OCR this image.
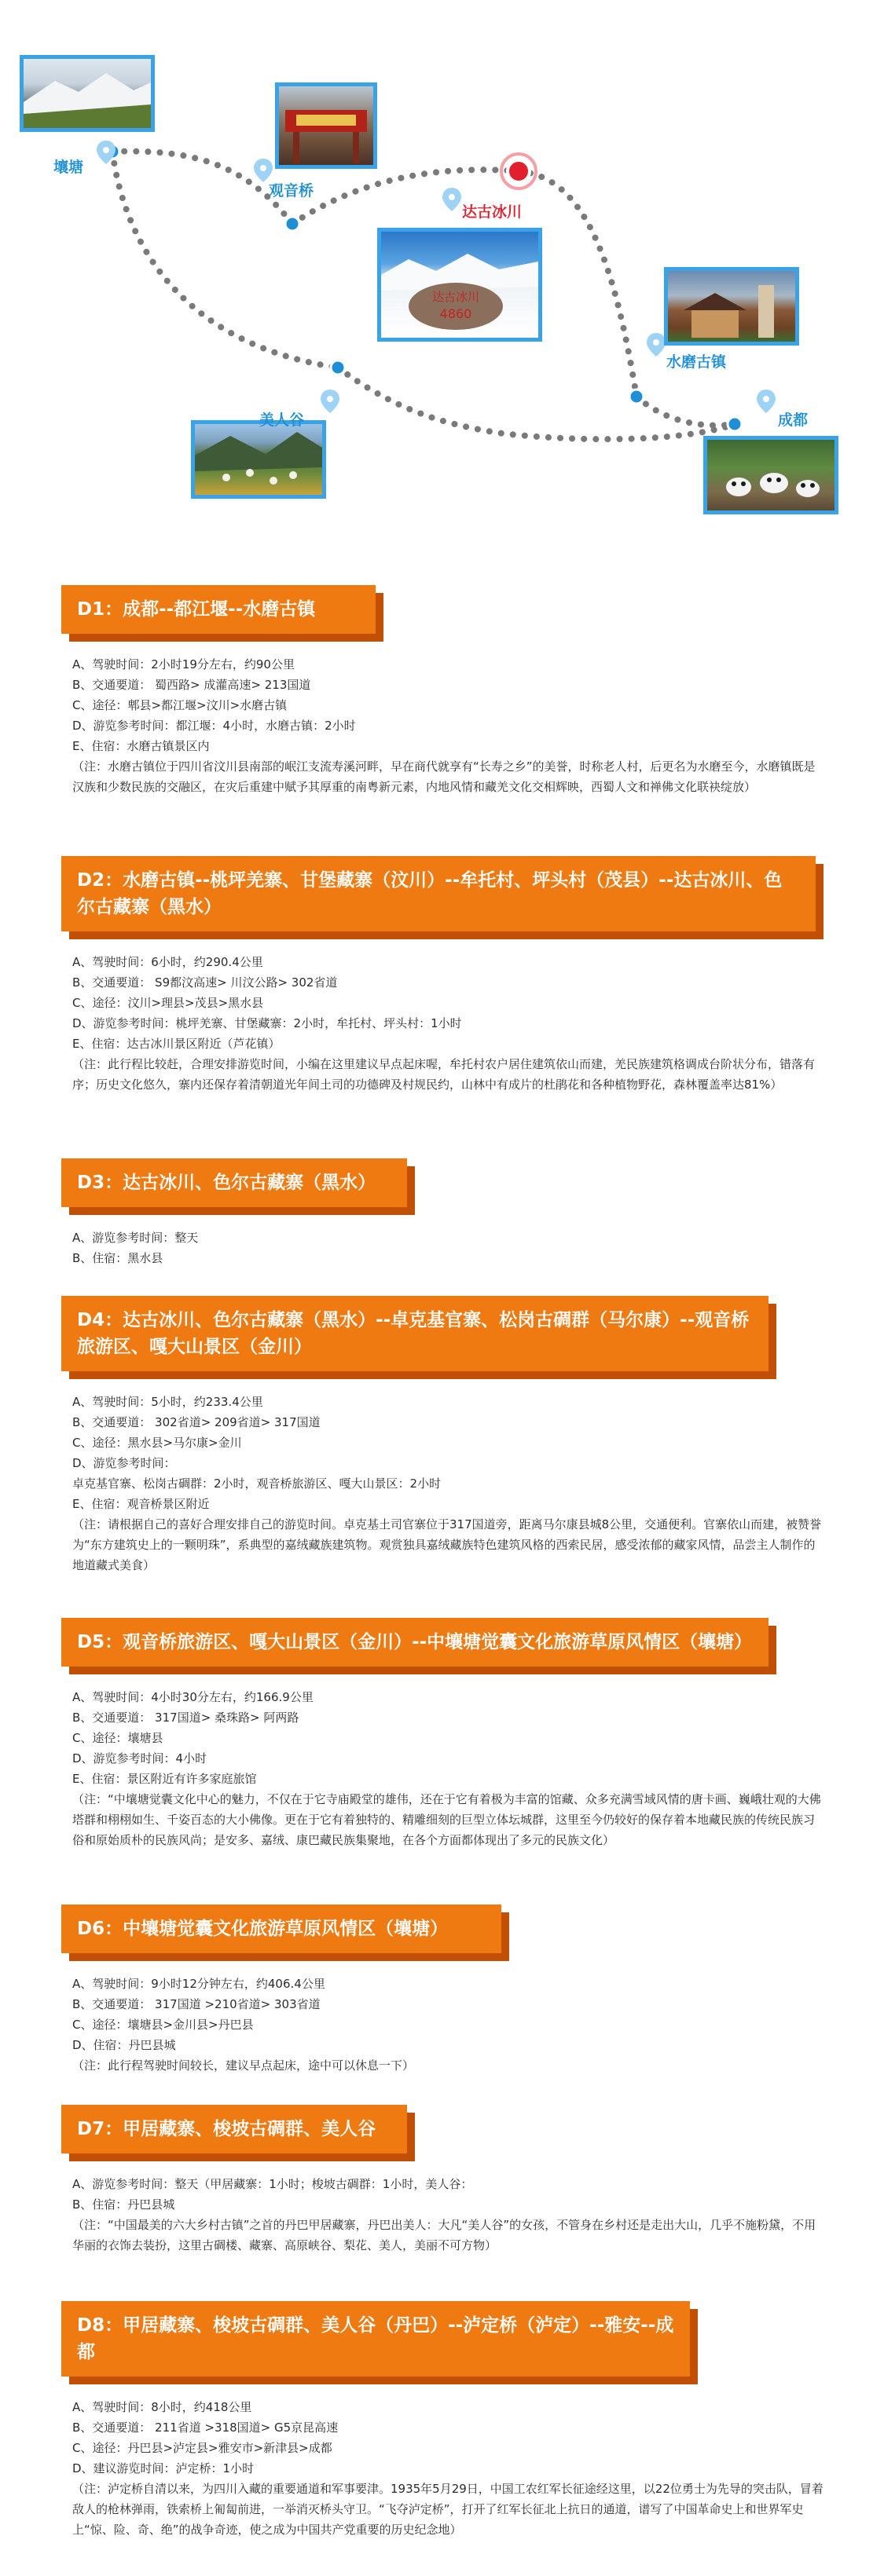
达古冰川
4860
壤塘
观音桥
达古冰川
水磨古镇
美人谷	成都
D1：成都--都江堰--水磨古镇
A、驾驶时间：2小时19分左右，约90公里
B、交通要道： 蜀西路> 成灌高速> 213国道
C、途径：郫县>都江堰>汶川>水磨古镇
D、游览参考时间：都江堰：4小时，水磨古镇：2小时
E、住宿：水磨古镇景区内
（注：水磨古镇位于四川省汶川县南部的岷江支流寿溪河畔，早在商代就享有“长寿之乡”的美誉，时称老人村，后更名为水磨至今，水磨镇既是汉族和少数民族的交融区，在灾后重建中赋予其厚重的南粤新元素，内地风情和藏羌文化交相辉映，西蜀人文和禅佛文化联袂绽放）
D2：水磨古镇--桃坪羌寨、甘堡藏寨（汶川）--牟托村、坪头村（茂县）--达古冰川、色尔古藏寨（黑水）
A、驾驶时间：6小时，约290.4公里
B、交通要道： S9都汶高速> 川汶公路> 302省道
C、途径：汶川>理县>茂县>黑水县
D、游览参考时间：桃坪羌寨、甘堡藏寨：2小时，牟托村、坪头村：1小时
E、住宿：达古冰川景区附近（芦花镇）
（注：此行程比较赶，合理安排游览时间，小编在这里建议早点起床喔，牟托村农户居住建筑依山而建，羌民族建筑格调成台阶状分布，错落有序；历史文化悠久，寨内还保存着清朝道光年间土司的功德碑及村规民约，山林中有成片的杜鹃花和各种植物野花，森林覆盖率达81%）
D3：达古冰川、色尔古藏寨（黑水）
A、游览参考时间：整天
B、住宿：黑水县
D4：达古冰川、色尔古藏寨（黑水）--卓克基官寨、松岗古碉群（马尔康）--观音桥旅游区、嘎大山景区（金川）
A、驾驶时间：5小时，约233.4公里
B、交通要道： 302省道> 209省道> 317国道
C、途径：黑水县>马尔康>金川
D、游览参考时间：
卓克基官寨、松岗古碉群：2小时，观音桥旅游区、嘎大山景区：2小时
E、住宿：观音桥景区附近
（注：请根据自己的喜好合理安排自己的游览时间。卓克基土司官寨位于317国道旁，距离马尔康县城8公里，交通便利。官寨依山而建，被赞誉为“东方建筑史上的一颗明珠”，系典型的嘉绒藏族建筑物。观赏独具嘉绒藏族特色建筑风格的西索民居，感受浓郁的藏家风情，品尝主人制作的地道藏式美食）
D5：观音桥旅游区、嘎大山景区（金川）--中壤塘觉囊文化旅游草原风情区（壤塘）
A、驾驶时间：4小时30分左右，约166.9公里
B、交通要道： 317国道> 桑珠路> 阿两路
C、途径：壤塘县
D、游览参考时间：4小时
E、住宿：景区附近有许多家庭旅馆
（注：“中壤塘觉囊文化中心的魅力，不仅在于它寺庙殿堂的雄伟，还在于它有着极为丰富的馆藏、众多充满雪域风情的唐卡画、巍峨壮观的大佛塔群和栩栩如生、千姿百态的大小佛像。更在于它有着独特的、精雕细刻的巨型立体坛城群，这里至今仍较好的保存着本地藏民族的传统民族习俗和原始质朴的民族风尚；是安多、嘉绒、康巴藏民族集聚地，在各个方面都体现出了多元的民族文化）
D6：中壤塘觉囊文化旅游草原风情区（壤塘）
A、驾驶时间：9小时12分钟左右，约406.4公里
B、交通要道： 317国道 >210省道> 303省道
C、途径：壤塘县>金川县>丹巴县
D、住宿：丹巴县城
（注：此行程驾驶时间较长，建议早点起床，途中可以休息一下）
D7：甲居藏寨、梭坡古碉群、美人谷
A、游览参考时间：整天（甲居藏寨：1小时；梭坡古碉群：1小时，美人谷：
B、住宿：丹巴县城
（注：“中国最美的六大乡村古镇”之首的丹巴甲居藏寨，丹巴出美人：大凡“美人谷”的女孩，不管身在乡村还是走出大山，几乎不施粉黛，不用华丽的衣饰去装扮，这里古碉楼、藏寨、高原峡谷、梨花、美人，美丽不可方物）
D8：甲居藏寨、梭坡古碉群、美人谷（丹巴）--泸定桥（泸定）--雅安--成都
A、驾驶时间：8小时，约418公里
B、交通要道： 211省道 >318国道> G5京昆高速
C、途径：丹巴县>泸定县>雅安市>新津县>成都
D、建议游览时间：泸定桥：1小时
（注：泸定桥自清以来，为四川入藏的重要通道和军事要津。1935年5月29日，中国工农红军长征途经这里，以22位勇士为先导的突击队，冒着敌人的枪林弹雨，铁索桥上匍匐前进，一举消灭桥头守卫。“飞夺泸定桥”，打开了红军长征北上抗日的通道，谱写了中国革命史上和世界军史上“惊、险、奇、绝”的战争奇迹，使之成为中国共产党重要的历史纪念地）
